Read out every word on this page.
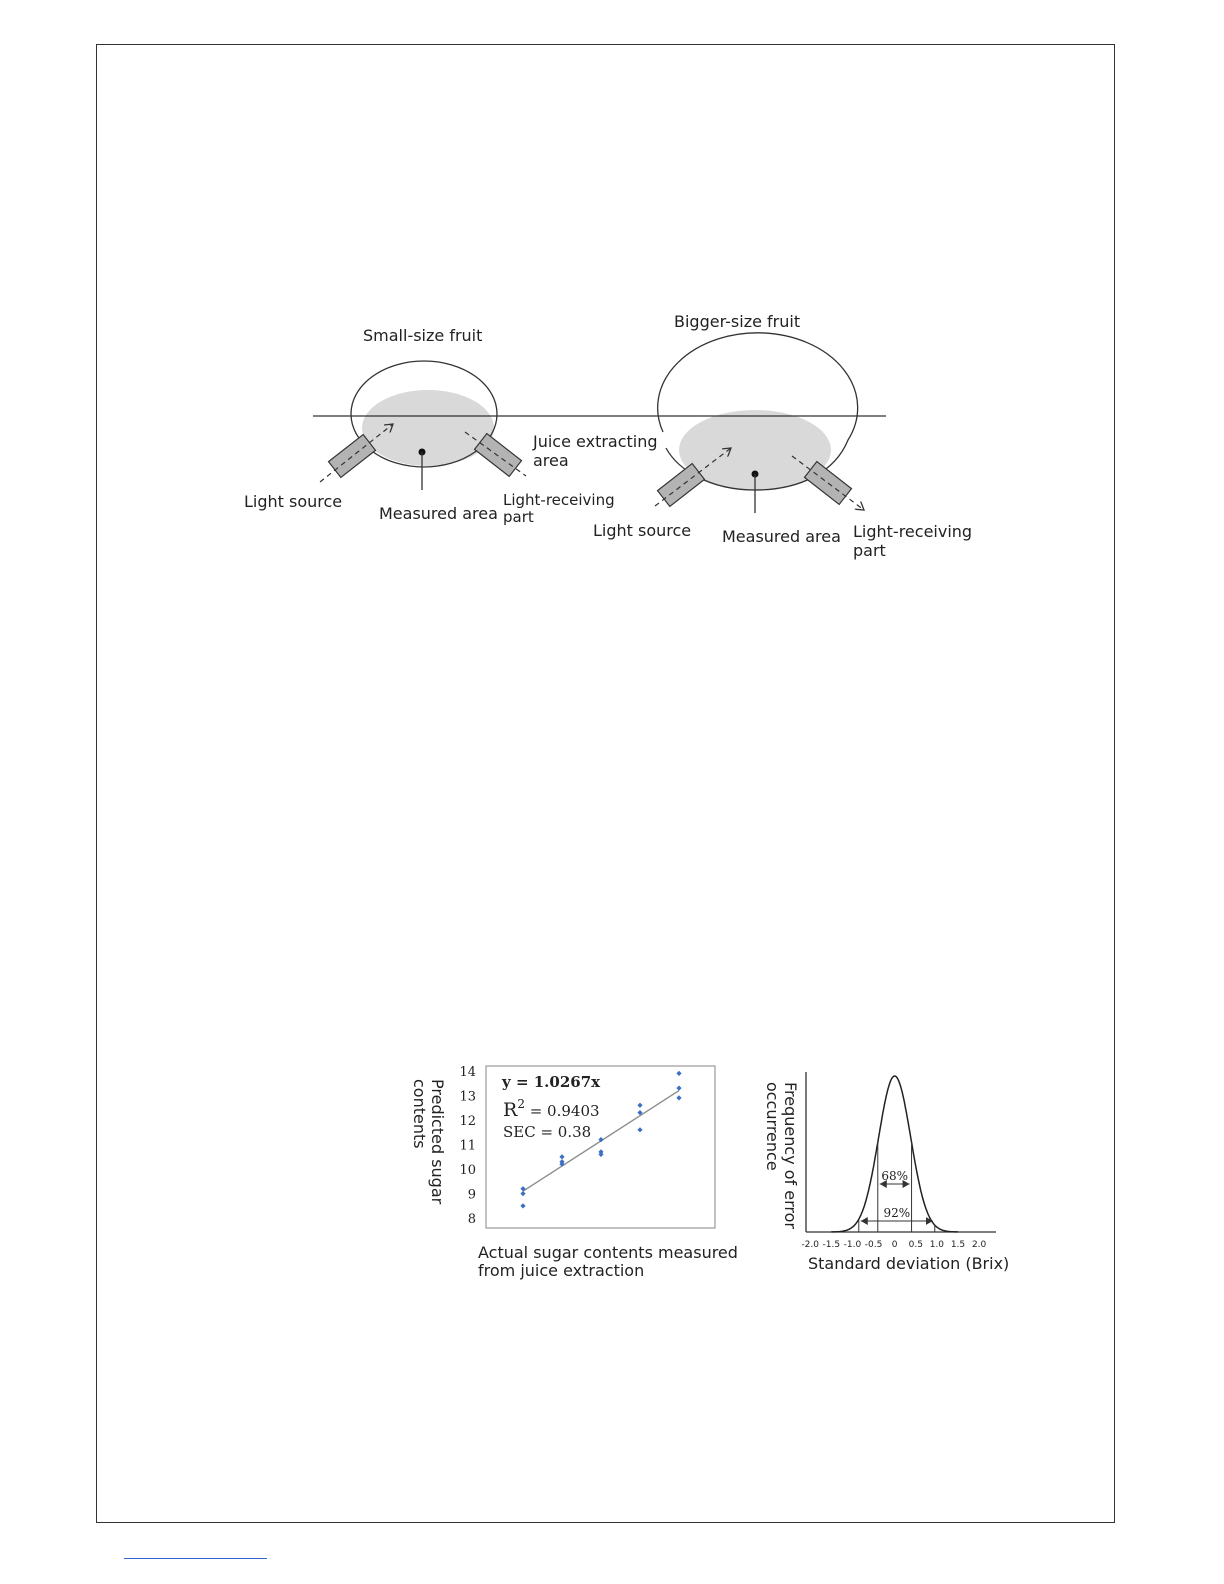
Small-size fruit
Bigger-size fruit
Juice extracting
area
Light source
Measured area
Light-receiving
part
Light source Measured area Light-receiving
part
14
13
12
11
10
9
8
y = 1.0267x
$R^2 = 0.9403$
SEC = 0.38
Predicted sugar
contents
Actual sugar contents measured
from juice extraction
68%
92%
-2.0 -1.5 -1.0 -0.5 0 0.5 1.0 1.5 2.0
Frequency of error
occurrence
Standard deviation (Brix)
